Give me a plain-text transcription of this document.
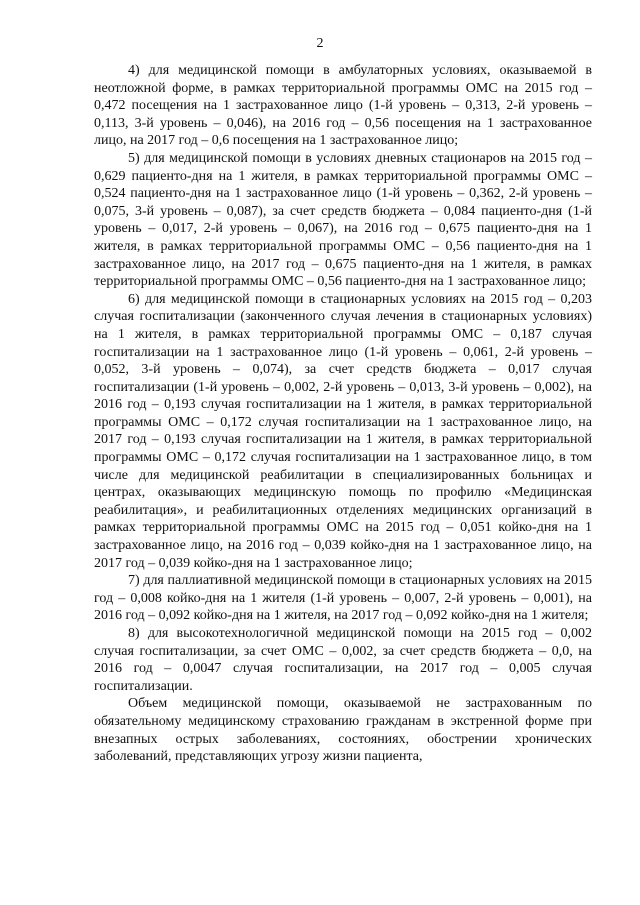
2

4) для медицинской помощи в амбулаторных условиях, оказываемой в неотложной форме, в рамках территориальной программы ОМС на 2015 год – 0,472 посещения на 1 застрахованное лицо (1-й уровень – 0,313, 2-й уровень – 0,113, 3-й уровень – 0,046), на 2016 год – 0,56 посещения на 1 застрахованное лицо, на 2017 год – 0,6 посещения на 1 застрахованное лицо;

5) для медицинской помощи в условиях дневных стационаров на 2015 год – 0,629 пациенто-дня на 1 жителя, в рамках территориальной программы ОМС – 0,524 пациенто-дня на 1 застрахованное лицо (1-й уровень – 0,362, 2-й уровень – 0,075, 3-й уровень – 0,087), за счет средств бюджета – 0,084 пациенто-дня (1-й уровень – 0,017, 2-й уровень – 0,067), на 2016 год – 0,675 пациенто-дня на 1 жителя, в рамках территориальной программы ОМС – 0,56 пациенто-дня на 1 застрахованное лицо, на 2017 год – 0,675 пациенто-дня на 1 жителя, в рамках территориальной программы ОМС – 0,56 пациенто-дня на 1 застрахованное лицо;

6) для медицинской помощи в стационарных условиях на 2015 год – 0,203 случая госпитализации (законченного случая лечения в стационарных условиях) на 1 жителя, в рамках территориальной программы ОМС – 0,187 случая госпитализации на 1 застрахованное лицо (1-й уровень – 0,061, 2-й уровень – 0,052, 3-й уровень – 0,074), за счет средств бюджета – 0,017 случая госпитализации (1-й уровень – 0,002, 2-й уровень – 0,013, 3-й уровень – 0,002), на 2016 год – 0,193 случая госпитализации на 1 жителя, в рамках территориальной программы ОМС – 0,172 случая госпитализации на 1 застрахованное лицо, на 2017 год – 0,193 случая госпитализации на 1 жителя, в рамках территориальной программы ОМС – 0,172 случая госпитализации на 1 застрахованное лицо, в том числе для медицинской реабилитации в специализированных больницах и центрах, оказывающих медицинскую помощь по профилю «Медицинская реабилитация», и реабилитационных отделениях медицинских организаций в рамках территориальной программы ОМС на 2015 год – 0,051 койко-дня на 1 застрахованное лицо, на 2016 год – 0,039 койко-дня на 1 застрахованное лицо, на 2017 год – 0,039 койко-дня на 1 застрахованное лицо;

7) для паллиативной медицинской помощи в стационарных условиях на 2015 год – 0,008 койко-дня на 1 жителя (1-й уровень – 0,007, 2-й уровень – 0,001), на 2016 год – 0,092 койко-дня на 1 жителя, на 2017 год – 0,092 койко-дня на 1 жителя;

8) для высокотехнологичной медицинской помощи на 2015 год – 0,002 случая госпитализации, за счет ОМС – 0,002, за счет средств бюджета – 0,0, на 2016 год – 0,0047 случая госпитализации, на 2017 год – 0,005 случая госпитализации.

Объем медицинской помощи, оказываемой не застрахованным по обязательному медицинскому страхованию гражданам в экстренной форме при внезапных острых заболеваниях, состояниях, обострении хронических заболеваний, представляющих угрозу жизни пациента,
